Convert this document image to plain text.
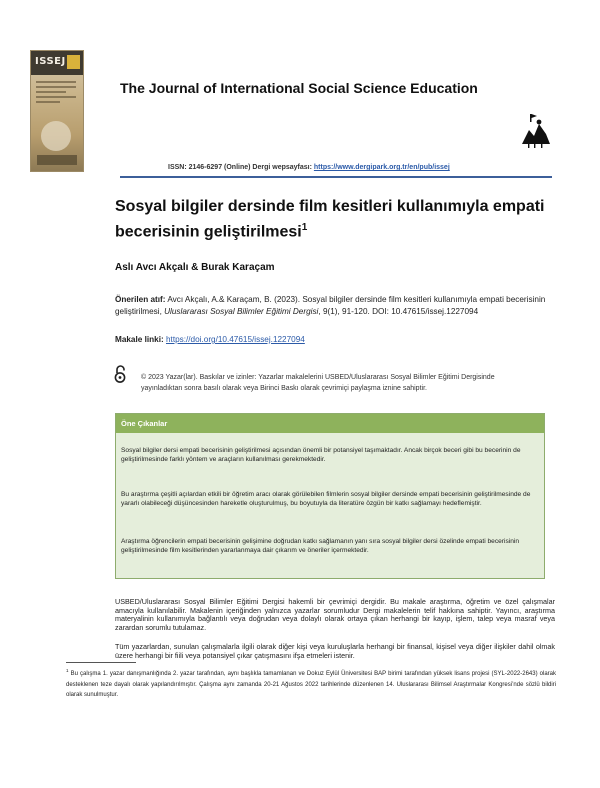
ISSEJ
The Journal of International Social Science Education
ISSN: 2146-6297 (Online) Dergi wepsayfası: https://www.dergipark.org.tr/en/pub/issej
Sosyal bilgiler dersinde film kesitleri kullanımıyla empati becerisinin geliştirilmesi$^1$
Aslı Avcı Akçalı & Burak Karaçam
Önerilen atıf: Avcı Akçalı, A.& Karaçam, B. (2023). Sosyal bilgiler dersinde film kesitleri kullanımıyla empati becerisinin geliştirilmesi, Uluslararası Sosyal Bilimler Eğitimi Dergisi, 9(1), 91-120. DOI: 10.47615/issej.1227094
Makale linki: https://doi.org/10.47615/issej.1227094
© 2023 Yazar(lar). Baskılar ve izinler: Yazarlar makalelerini USBED/Uluslararası Sosyal Bilimler Eğitimi Dergisinde yayınladıktan sonra basılı olarak veya Birinci Baskı olarak çevrimiçi paylaşma iznine sahiptir.
Öne Çıkanlar
Sosyal bilgiler dersi empati becerisinin geliştirilmesi açısından önemli bir potansiyel taşımaktadır. Ancak birçok beceri gibi bu becerinin de geliştirilmesinde farklı yöntem ve araçların kullanılması gerekmektedir.
Bu araştırma çeşitli açılardan etkili bir öğretim aracı olarak görülebilen filmlerin sosyal bilgiler dersinde empati becerisinin geliştirilmesinde de yararlı olabileceği düşüncesinden hareketle oluşturulmuş, bu boyutuyla da literatüre özgün bir katkı sağlamayı hedeflemiştir.
Araştırma öğrencilerin empati becerisinin gelişimine doğrudan katkı sağlamanın yanı sıra sosyal bilgiler dersi özelinde empati becerisinin geliştirilmesinde film kesitlerinden yararlanmaya dair çıkarım ve öneriler içermektedir.
USBED/Uluslararası Sosyal Bilimler Eğitimi Dergisi hakemli bir çevrimiçi dergidir. Bu makale araştırma, öğretim ve özel çalışmalar amacıyla kullanılabilir. Makalenin içeriğinden yalnızca yazarlar sorumludur Dergi makalelerin telif hakkına sahiptir. Yayıncı, araştırma materyalinin kullanımıyla bağlantılı veya doğrudan veya dolaylı olarak ortaya çıkan herhangi bir kayıp, işlem, talep veya masraf veya zarardan sorumlu tutulamaz.
Tüm yazarlardan, sunulan çalışmalarla ilgili olarak diğer kişi veya kuruluşlarla herhangi bir finansal, kişisel veya diğer ilişkiler dahil olmak üzere herhangi bir fiili veya potansiyel çıkar çatışmasını ifşa etmeleri istenir.
$^1$ Bu çalışma 1. yazar danışmanlığında 2. yazar tarafından, aynı başlıkla tamamlanan ve Dokuz Eylül Üniversitesi BAP birimi tarafından yüksek lisans projesi (SYL-2022-2643) olarak desteklenen teze dayalı olarak yapılandırılmıştır. Çalışma aynı zamanda 20-21 Ağustos 2022 tarihlerinde düzenlenen 14. Uluslararası Bilimsel Araştırmalar Kongresi’nde sözlü bildiri olarak sunulmuştur.
